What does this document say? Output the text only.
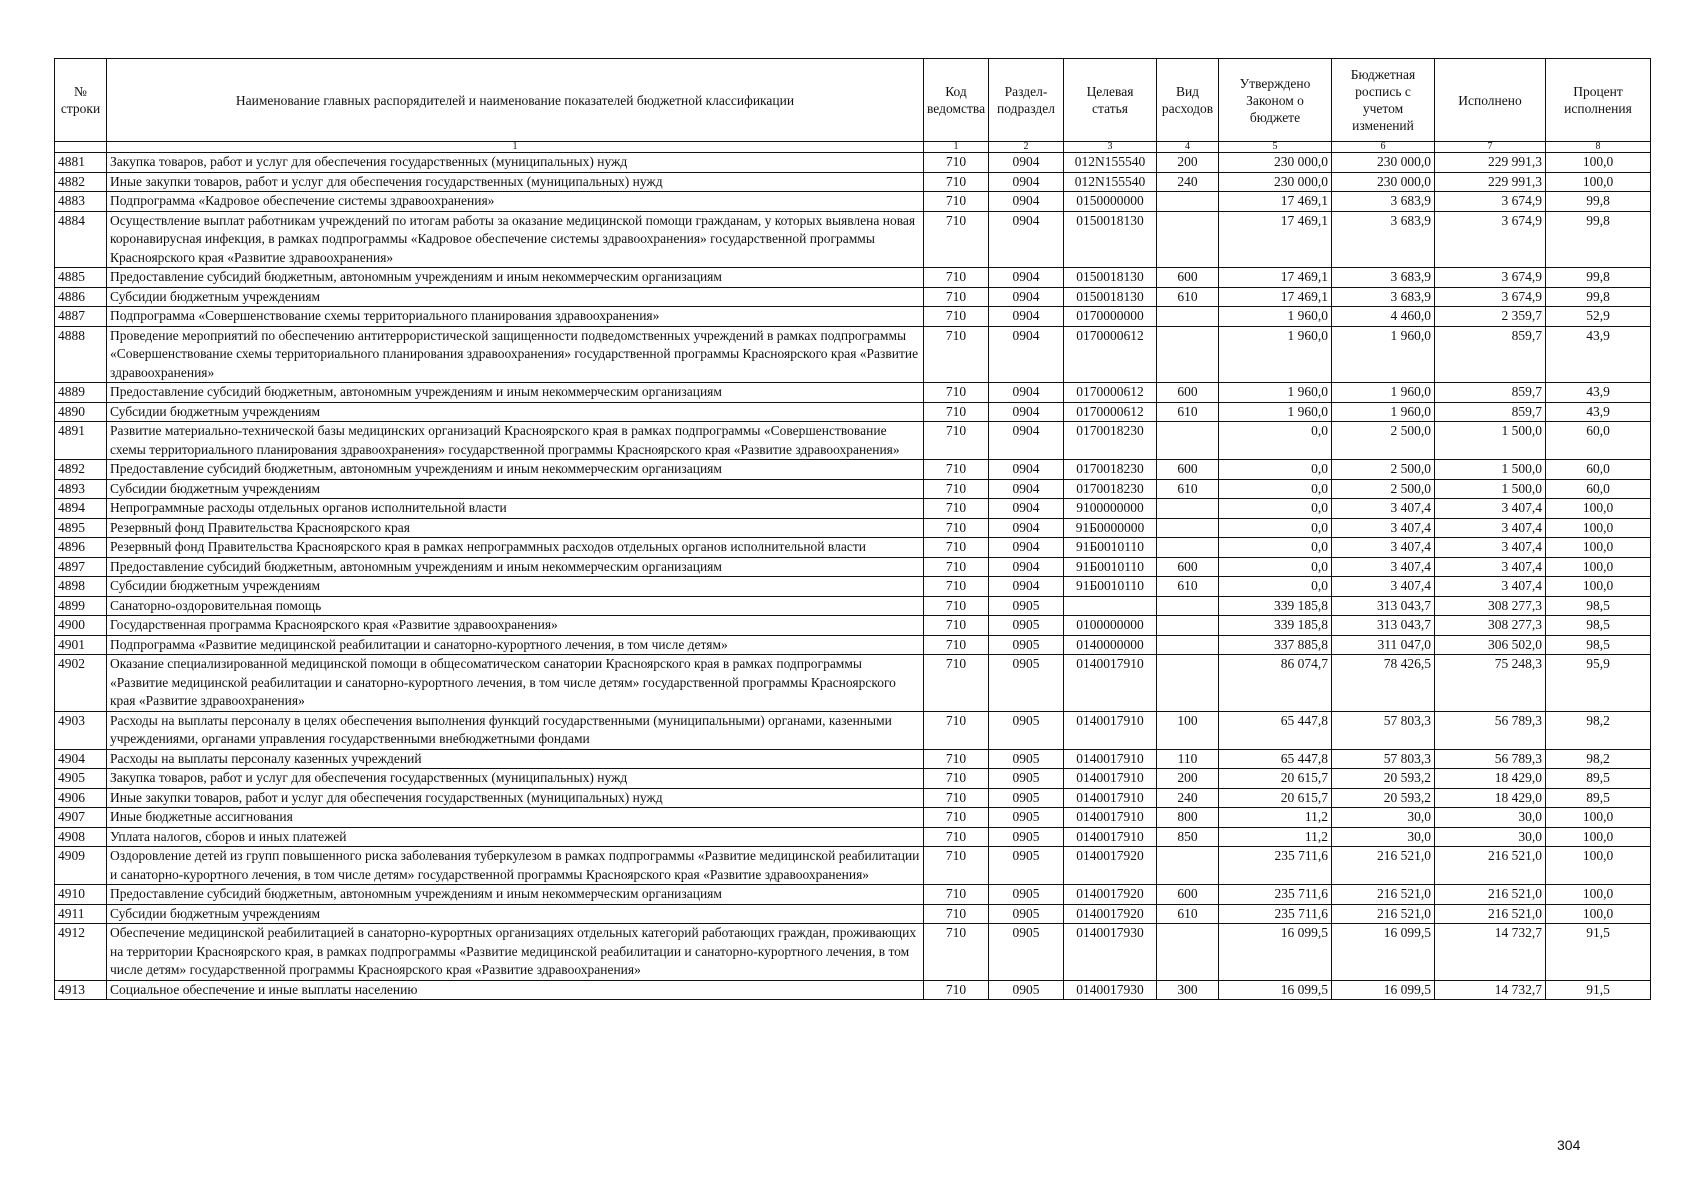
№ строки	Наименование главных распорядителей и наименование показателей бюджетной классификации	Код ведомства	Раздел-подраздел	Целевая статья	Вид расходов	Утверждено Законом о бюджете	Бюджетная роспись с учетом изменений	Исполнено	Процент исполнения
	1	1	2	3	4	5	6	7	8
4881	Закупка товаров, работ и услуг для обеспечения государственных (муниципальных) нужд	710	0904	012N155540	200	230 000,0	230 000,0	229 991,3	100,0
4882	Иные закупки товаров, работ и услуг для обеспечения государственных (муниципальных) нужд	710	0904	012N155540	240	230 000,0	230 000,0	229 991,3	100,0
4883	Подпрограмма «Кадровое обеспечение системы здравоохранения»	710	0904	0150000000		17 469,1	3 683,9	3 674,9	99,8
4884	Осуществление выплат работникам учреждений по итогам работы за оказание медицинской помощи гражданам, у которых выявлена новая коронавирусная инфекция, в рамках подпрограммы «Кадровое обеспечение системы здравоохранения» государственной программы Красноярского края «Развитие здравоохранения»	710	0904	0150018130		17 469,1	3 683,9	3 674,9	99,8
4885	Предоставление субсидий бюджетным, автономным учреждениям и иным некоммерческим организациям	710	0904	0150018130	600	17 469,1	3 683,9	3 674,9	99,8
4886	Субсидии бюджетным учреждениям	710	0904	0150018130	610	17 469,1	3 683,9	3 674,9	99,8
4887	Подпрограмма «Совершенствование схемы территориального планирования здравоохранения»	710	0904	0170000000		1 960,0	4 460,0	2 359,7	52,9
4888	Проведение мероприятий по обеспечению антитеррористической защищенности подведомственных учреждений в рамках подпрограммы «Совершенствование схемы территориального планирования здравоохранения» государственной программы Красноярского края «Развитие здравоохранения»	710	0904	0170000612		1 960,0	1 960,0	859,7	43,9
4889	Предоставление субсидий бюджетным, автономным учреждениям и иным некоммерческим организациям	710	0904	0170000612	600	1 960,0	1 960,0	859,7	43,9
4890	Субсидии бюджетным учреждениям	710	0904	0170000612	610	1 960,0	1 960,0	859,7	43,9
4891	Развитие материально-технической базы медицинских организаций Красноярского края в рамках подпрограммы «Совершенствование схемы территориального планирования здравоохранения» государственной программы Красноярского края «Развитие здравоохранения»	710	0904	0170018230		0,0	2 500,0	1 500,0	60,0
4892	Предоставление субсидий бюджетным, автономным учреждениям и иным некоммерческим организациям	710	0904	0170018230	600	0,0	2 500,0	1 500,0	60,0
4893	Субсидии бюджетным учреждениям	710	0904	0170018230	610	0,0	2 500,0	1 500,0	60,0
4894	Непрограммные расходы отдельных органов исполнительной власти	710	0904	9100000000		0,0	3 407,4	3 407,4	100,0
4895	Резервный фонд Правительства Красноярского края	710	0904	91Б0000000		0,0	3 407,4	3 407,4	100,0
4896	Резервный фонд Правительства Красноярского края в рамках непрограммных расходов отдельных органов исполнительной власти	710	0904	91Б0010110		0,0	3 407,4	3 407,4	100,0
4897	Предоставление субсидий бюджетным, автономным учреждениям и иным некоммерческим организациям	710	0904	91Б0010110	600	0,0	3 407,4	3 407,4	100,0
4898	Субсидии бюджетным учреждениям	710	0904	91Б0010110	610	0,0	3 407,4	3 407,4	100,0
4899	Санаторно-оздоровительная помощь	710	0905			339 185,8	313 043,7	308 277,3	98,5
4900	Государственная программа Красноярского края «Развитие здравоохранения»	710	0905	0100000000		339 185,8	313 043,7	308 277,3	98,5
4901	Подпрограмма «Развитие медицинской реабилитации и санаторно-курортного лечения, в том числе детям»	710	0905	0140000000		337 885,8	311 047,0	306 502,0	98,5
4902	Оказание специализированной медицинской помощи в общесоматическом санатории Красноярского края в рамках подпрограммы «Развитие медицинской реабилитации и санаторно-курортного лечения, в том числе детям» государственной программы Красноярского края «Развитие здравоохранения»	710	0905	0140017910		86 074,7	78 426,5	75 248,3	95,9
4903	Расходы на выплаты персоналу в целях обеспечения выполнения функций государственными (муниципальными) органами, казенными учреждениями, органами управления государственными внебюджетными фондами	710	0905	0140017910	100	65 447,8	57 803,3	56 789,3	98,2
4904	Расходы на выплаты персоналу казенных учреждений	710	0905	0140017910	110	65 447,8	57 803,3	56 789,3	98,2
4905	Закупка товаров, работ и услуг для обеспечения государственных (муниципальных) нужд	710	0905	0140017910	200	20 615,7	20 593,2	18 429,0	89,5
4906	Иные закупки товаров, работ и услуг для обеспечения государственных (муниципальных) нужд	710	0905	0140017910	240	20 615,7	20 593,2	18 429,0	89,5
4907	Иные бюджетные ассигнования	710	0905	0140017910	800	11,2	30,0	30,0	100,0
4908	Уплата налогов, сборов и иных платежей	710	0905	0140017910	850	11,2	30,0	30,0	100,0
4909	Оздоровление детей из групп повышенного риска заболевания туберкулезом в рамках подпрограммы «Развитие медицинской реабилитации и санаторно-курортного лечения, в том числе детям» государственной программы Красноярского края «Развитие здравоохранения»	710	0905	0140017920		235 711,6	216 521,0	216 521,0	100,0
4910	Предоставление субсидий бюджетным, автономным учреждениям и иным некоммерческим организациям	710	0905	0140017920	600	235 711,6	216 521,0	216 521,0	100,0
4911	Субсидии бюджетным учреждениям	710	0905	0140017920	610	235 711,6	216 521,0	216 521,0	100,0
4912	Обеспечение медицинской реабилитацией в санаторно-курортных организациях отдельных категорий работающих граждан, проживающих на территории Красноярского края, в рамках подпрограммы «Развитие медицинской реабилитации и санаторно-курортного лечения, в том числе детям» государственной программы Красноярского края «Развитие здравоохранения»	710	0905	0140017930		16 099,5	16 099,5	14 732,7	91,5
4913	Социальное обеспечение и иные выплаты населению	710	0905	0140017930	300	16 099,5	16 099,5	14 732,7	91,5
304
